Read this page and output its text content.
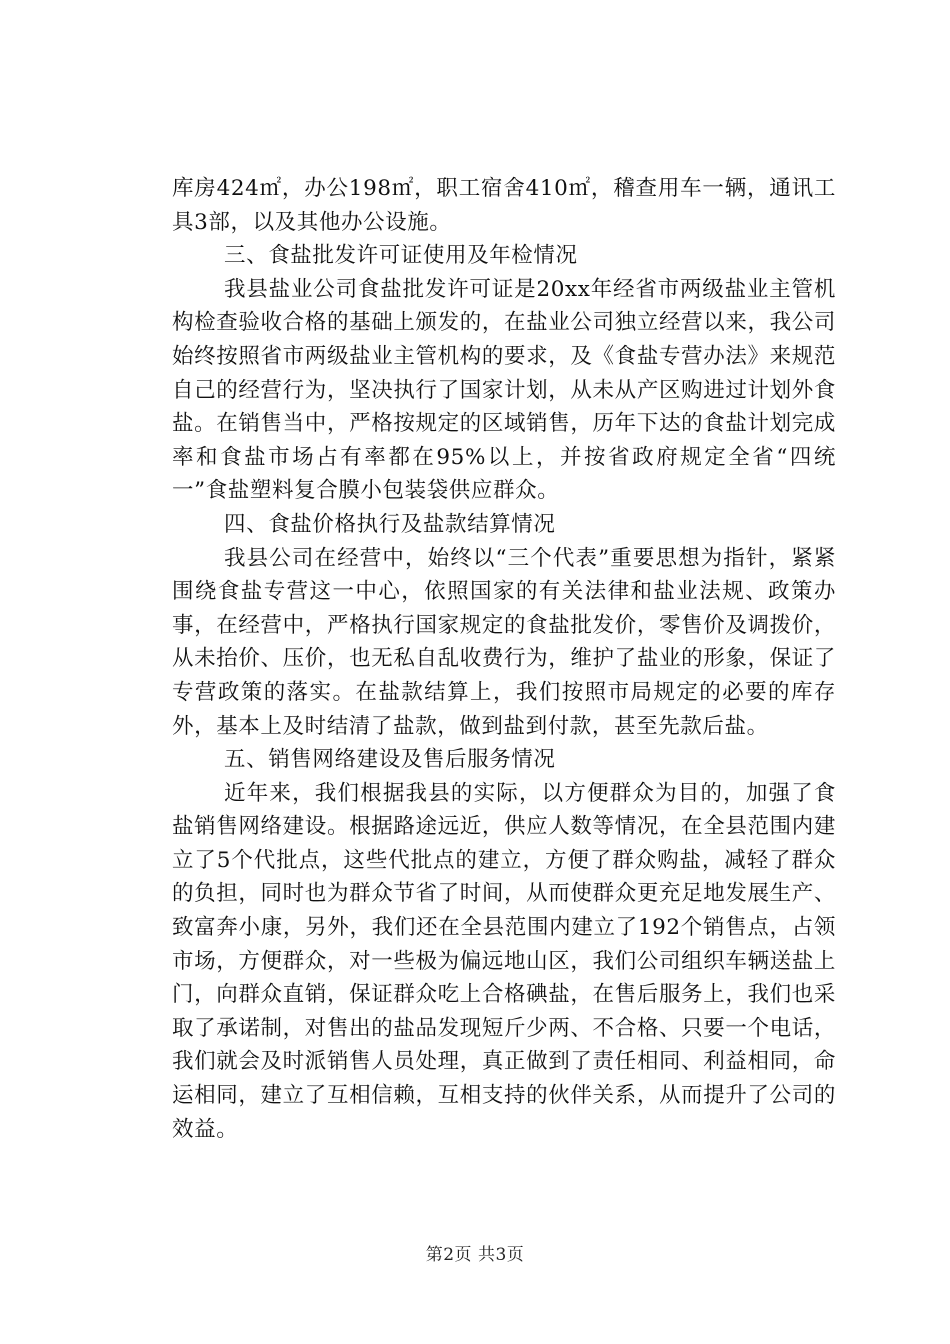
库房424㎡，办公198㎡，职工宿舍410㎡，稽查用车一辆，通讯工具3部，以及其他办公设施。

三、食盐批发许可证使用及年检情况

我县盐业公司食盐批发许可证是20xx年经省市两级盐业主管机构检查验收合格的基础上颁发的，在盐业公司独立经营以来，我公司始终按照省市两级盐业主管机构的要求，及《食盐专营办法》来规范自己的经营行为，坚决执行了国家计划，从未从产区购进过计划外食盐。在销售当中，严格按规定的区域销售，历年下达的食盐计划完成率和食盐市场占有率都在95%以上，并按省政府规定全省“四统一”食盐塑料复合膜小包装袋供应群众。

四、食盐价格执行及盐款结算情况

我县公司在经营中，始终以“三个代表”重要思想为指针，紧紧围绕食盐专营这一中心，依照国家的有关法律和盐业法规、政策办事，在经营中，严格执行国家规定的食盐批发价，零售价及调拨价，从未抬价、压价，也无私自乱收费行为，维护了盐业的形象，保证了专营政策的落实。在盐款结算上，我们按照市局规定的必要的库存外，基本上及时结清了盐款，做到盐到付款，甚至先款后盐。

五、销售网络建设及售后服务情况

近年来，我们根据我县的实际，以方便群众为目的，加强了食盐销售网络建设。根据路途远近，供应人数等情况，在全县范围内建立了5个代批点，这些代批点的建立，方便了群众购盐，减轻了群众的负担，同时也为群众节省了时间，从而使群众更充足地发展生产、致富奔小康，另外，我们还在全县范围内建立了192个销售点，占领市场，方便群众，对一些极为偏远地山区，我们公司组织车辆送盐上门，向群众直销，保证群众吃上合格碘盐，在售后服务上，我们也采取了承诺制，对售出的盐品发现短斤少两、不合格、只要一个电话，我们就会及时派销售人员处理，真正做到了责任相同、利益相同，命运相同，建立了互相信赖，互相支持的伙伴关系，从而提升了公司的效益。

第2页 共3页
